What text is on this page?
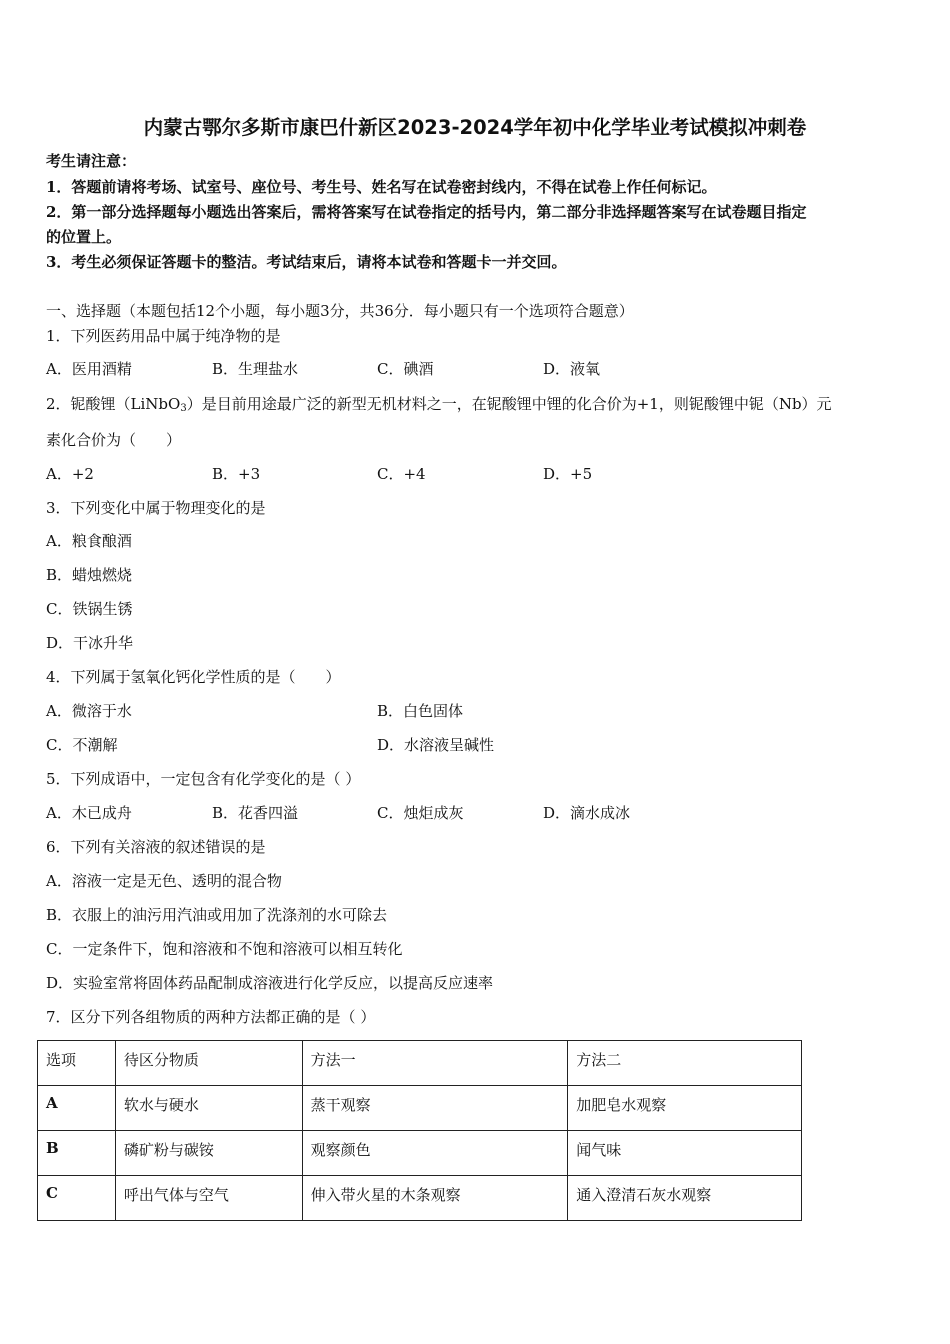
内蒙古鄂尔多斯市康巴什新区2023-2024学年初中化学毕业考试模拟冲刺卷
考生请注意：
1．答题前请将考场、试室号、座位号、考生号、姓名写在试卷密封线内，不得在试卷上作任何标记。
2．第一部分选择题每小题选出答案后，需将答案写在试卷指定的括号内，第二部分非选择题答案写在试卷题目指定
的位置上。
3．考生必须保证答题卡的整洁。考试结束后，请将本试卷和答题卡一并交回。
一、选择题（本题包括12个小题，每小题3分，共36分．每小题只有一个选项符合题意）
1．下列医药用品中属于纯净物的是
A．医用酒精	B．生理盐水	C．碘酒	D．液氧
2．铌酸锂（LiNbO$_3$）是目前用途最广泛的新型无机材料之一，在铌酸锂中锂的化合价为+1，则铌酸锂中铌（Nb）元
素化合价为（　　）
A．+2	B．+3	C．+4	D．+5
3．下列变化中属于物理变化的是
A．粮食酿酒
B．蜡烛燃烧
C．铁锅生锈
D．干冰升华
4．下列属于氢氧化钙化学性质的是（　　）
A．微溶于水	B．白色固体
C．不潮解	D．水溶液呈碱性
5．下列成语中，一定包含有化学变化的是（ ）
A．木已成舟	B．花香四溢	C．烛炬成灰	D．滴水成冰
6．下列有关溶液的叙述错误的是
A．溶液一定是无色、透明的混合物
B．衣服上的油污用汽油或用加了洗涤剂的水可除去
C．一定条件下，饱和溶液和不饱和溶液可以相互转化
D．实验室常将固体药品配制成溶液进行化学反应，以提高反应速率
7．区分下列各组物质的两种方法都正确的是（ ）
选项	待区分物质	方法一	方法二
A	软水与硬水	蒸干观察	加肥皂水观察
B	磷矿粉与碳铵	观察颜色	闻气味
C	呼出气体与空气	伸入带火星的木条观察	通入澄清石灰水观察
